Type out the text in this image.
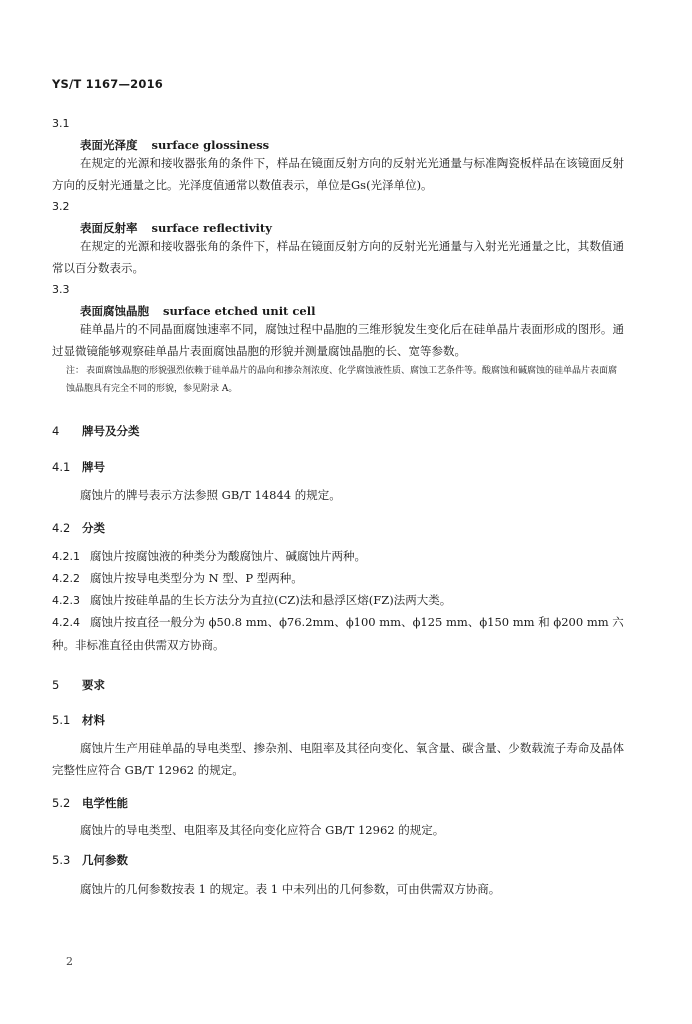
YS/T 1167—2016
3.1
表面光泽度 surface glossiness
在规定的光源和接收器张角的条件下，样品在镜面反射方向的反射光光通量与标准陶瓷板样品在该镜面反射方向的反射光通量之比。光泽度值通常以数值表示，单位是Gs(光泽单位)。
3.2
表面反射率 surface reflectivity
在规定的光源和接收器张角的条件下，样品在镜面反射方向的反射光光通量与入射光光通量之比，其数值通常以百分数表示。
3.3
表面腐蚀晶胞 surface etched unit cell
硅单晶片的不同晶面腐蚀速率不同，腐蚀过程中晶胞的三维形貌发生变化后在硅单晶片表面形成的图形。通过显微镜能够观察硅单晶片表面腐蚀晶胞的形貌并测量腐蚀晶胞的长、宽等参数。
注： 表面腐蚀晶胞的形貌强烈依赖于硅单晶片的晶向和掺杂剂浓度、化学腐蚀液性质、腐蚀工艺条件等。酸腐蚀和碱腐蚀的硅单晶片表面腐蚀晶胞具有完全不同的形貌，参见附录 A。
4 牌号及分类
4.1 牌号
腐蚀片的牌号表示方法参照 GB/T 14844 的规定。
4.2 分类
4.2.1 腐蚀片按腐蚀液的种类分为酸腐蚀片、碱腐蚀片两种。
4.2.2 腐蚀片按导电类型分为 N 型、P 型两种。
4.2.3 腐蚀片按硅单晶的生长方法分为直拉(CZ)法和悬浮区熔(FZ)法两大类。
4.2.4 腐蚀片按直径一般分为 ϕ50.8 mm、ϕ76.2mm、ϕ100 mm、ϕ125 mm、ϕ150 mm 和 ϕ200 mm 六种。非标准直径由供需双方协商。
5 要求
5.1 材料
腐蚀片生产用硅单晶的导电类型、掺杂剂、电阻率及其径向变化、氧含量、碳含量、少数载流子寿命及晶体完整性应符合 GB/T 12962 的规定。
5.2 电学性能
腐蚀片的导电类型、电阻率及其径向变化应符合 GB/T 12962 的规定。
5.3 几何参数
腐蚀片的几何参数按表 1 的规定。表 1 中未列出的几何参数，可由供需双方协商。
2
